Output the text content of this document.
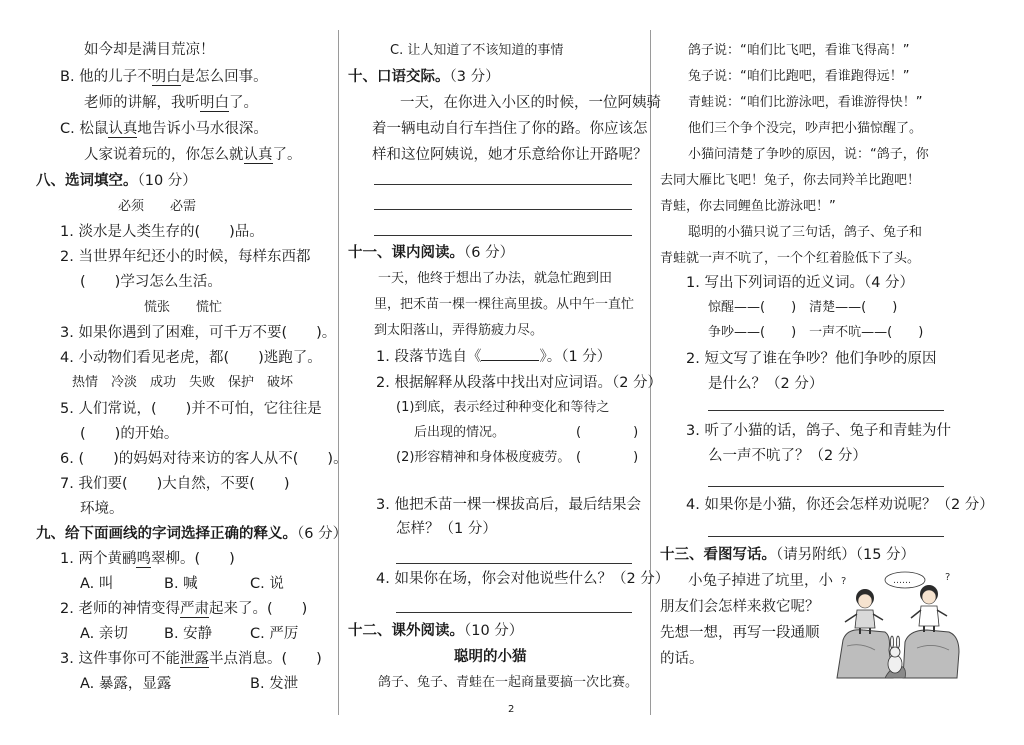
如今却是满目荒凉！
B. 他的儿子不明白是怎么回事。
老师的讲解，我听明白了。
C. 松鼠认真地告诉小马水很深。
人家说着玩的，你怎么就认真了。
八、选词填空。（10 分）
必须　　必需
1. 淡水是人类生存的(　　)品。
2. 当世界年纪还小的时候，每样东西都
(　　)学习怎么生活。
慌张　　慌忙
3. 如果你遇到了困难，可千万不要(　　)。
4. 小动物们看见老虎，都(　　)逃跑了。
热情　冷淡　成功　失败　保护　破坏
5. 人们常说，(　　)并不可怕，它往往是
(　　)的开始。
6. (　　)的妈妈对待来访的客人从不(　　)。
7. 我们要(　　)大自然，不要(　　)
环境。
九、给下面画线的字词选择正确的释义。（6 分）
1. 两个黄鹂鸣翠柳。(　　)
A. 叫	B. 喊	C. 说
2. 老师的神情变得严肃起来了。(　　)
A. 亲切 B. 安静	C. 严厉
3. 这件事你可不能泄露半点消息。(　　)
A. 暴露，显露	B. 发泄
C. 让人知道了不该知道的事情
十、口语交际。（3 分）
一天，在你进入小区的时候，一位阿姨骑
着一辆电动自行车挡住了你的路。你应该怎
样和这位阿姨说，她才乐意给你让开路呢？
十一、课内阅读。（6 分）
一天，他终于想出了办法，就急忙跑到田
里，把禾苗一棵一棵往高里拔。从中午一直忙
到太阳落山，弄得筋疲力尽。
1. 段落节选自《	》。（1 分）
2. 根据解释从段落中找出对应词语。（2 分）
(1)到底，表示经过种种变化和等待之
后出现的情况。	(　　　　)
(2)形容精神和身体极度疲劳。 (　　　　)
3. 他把禾苗一棵一棵拔高后，最后结果会
怎样？（1 分）
4. 如果你在场，你会对他说些什么？（2 分）
十二、课外阅读。（10 分）
聪明的小猫
鸽子、兔子、青蛙在一起商量要搞一次比赛。
鸽子说：“咱们比飞吧，看谁飞得高！”
兔子说：“咱们比跑吧，看谁跑得远！”
青蛙说：“咱们比游泳吧，看谁游得快！”
他们三个争个没完，吵声把小猫惊醒了。
小猫问清楚了争吵的原因，说：“鸽子，你
去同大雁比飞吧！兔子，你去同羚羊比跑吧！
青蛙，你去同鲤鱼比游泳吧！”
聪明的小猫只说了三句话，鸽子、兔子和
青蛙就一声不吭了，一个个红着脸低下了头。
1. 写出下列词语的近义词。（4 分）
惊醒——(　　)　清楚——(　　)
争吵——(　　)　一声不吭——(　　)
2. 短文写了谁在争吵？他们争吵的原因
是什么？（2 分）
3. 听了小猫的话，鸽子、兔子和青蛙为什
么一声不吭了？（2 分）
4. 如果你是小猫，你还会怎样劝说呢？（2 分）
十三、看图写话。（请另附纸）（15 分）
小兔子掉进了坑里，小
朋友们会怎样来救它呢？
先想一想，再写一段通顺
的话。
……
?	?
2
